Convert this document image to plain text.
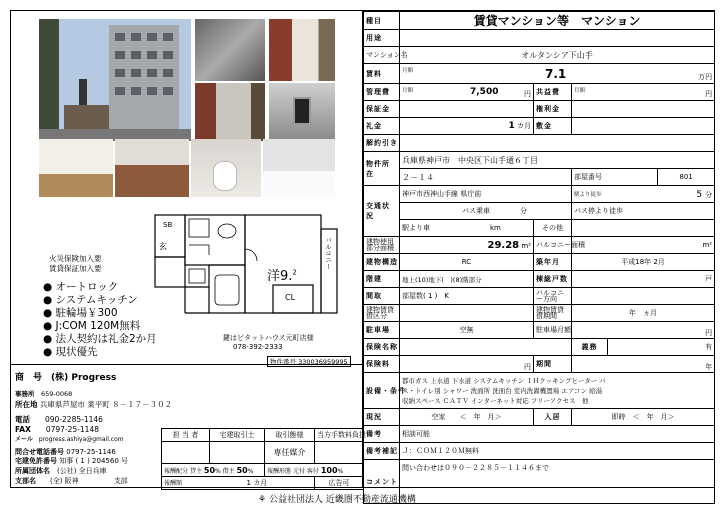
SB
玄
洋9.$^2$
バルコニー
CL
火災保険加入要
賃貸保証加入要
● オートロック
● システムキッチン
● 駐輪場￥300
● J:COM 120M無料
● 法人契約は礼金2か月
● 現状優先
鍵はピタットハウス元町店様
078-392-2333
物件番号 330036959995
商　号　 (株) Progress
事務所　 659-0068
所在地 兵庫県芦屋市 業平町 ８－１７－３０２
電話　　 090-2285-1146
FAX　　 0797-25-1148
メール　 progress.ashiya@gmail.com
問合せ電話番号 0797-25-1146
宅建免許番号 知事 ( 1 ) 204560 号
所属団体名　 (公社) 全日兵庫
支部名　　 (全) 阪神　　　　　	支部
担 当 者	宅建取引士	取引態様	当方手数料負担
		専任媒介	
報酬配分 貸主 50% 借主 50%		報酬形態 元付 客付 100%	
報酬額 1 カ月			広告可
種目	賃貸マンション等　マンション				
用途					
マンション名	オルタンシア下山手				
賃料	月額 7.1 万円				

管理費	月額 7,500 円	共益費	月額 円		

保証金		権利金			
礼金	1 カ月	敷金			
解約引き					
物件所在	兵庫県神戸市　中央区下山手通６丁目				
	２－１４		部屋番号		801
交通状況	神戸市西神山手線 県庁前		駅より徒歩 5 分		

	バス乗車 分		バス停より徒歩		
	駅より車 km	その他			
建物使用部分面積	29.28 m²	バルコニー面積	m²		
建物構造	RC	築年月	平成18年 2月		
階建	地上(10)地下(　)(8)階部分	棟総戸数	戸		
間取	部屋数( 1 )　K	バルコニー方向			
建物賃貸借区分		建物賃貸借期間	年　ヵ月		
駐車場	空無	駐車場月額	円		
保険名称			義務	有	
保険料	円	期間	年		
設備・条件	都市ガス 上水道 下水道 システムキッチン ＩＨクッキングヒーター バ
ス・トイレ別 シャワー 洗面所 洗面台 室内洗濯機置場 エアコン 給湯
収納スペース ＣＡＴＶ インターネット対応 フリーアクセス　他				

現況	空家　　＜　年　月＞	入居	即時　＜　年　月＞		
備考	相談可能				
備考補記	Ｊ：ＣＯＭ１２０Ｍ無料				
コメント	問い合わせは０９０－２２８５－１１４６まで				
⚘ 公益社団法人 近畿圏不動産流通機構
